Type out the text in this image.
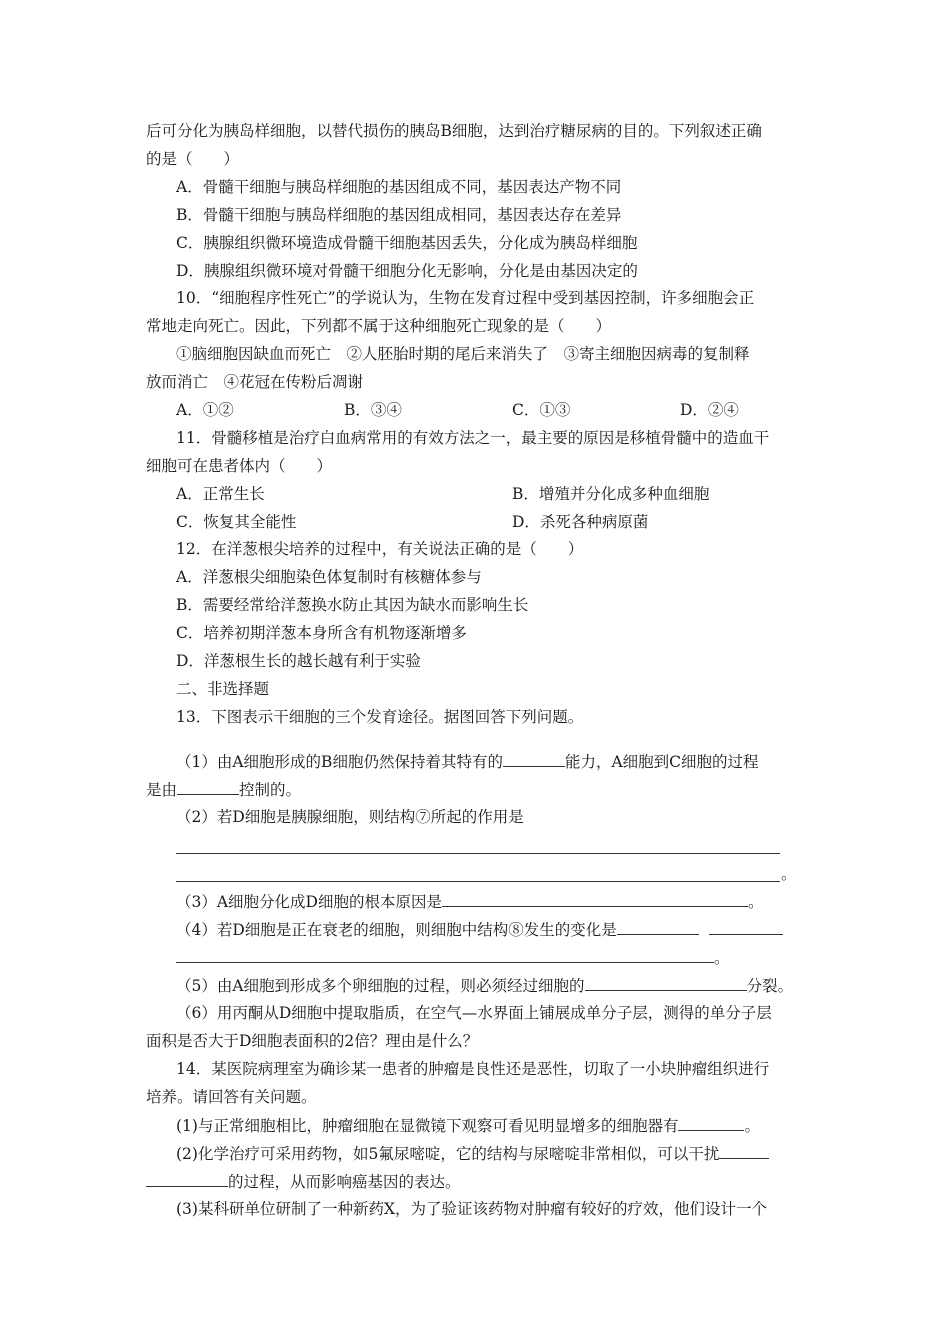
后可分化为胰岛样细胞，以替代损伤的胰岛B细胞，达到治疗糖尿病的目的。下列叙述正确
的是（　　）
A．骨髓干细胞与胰岛样细胞的基因组成不同，基因表达产物不同
B．骨髓干细胞与胰岛样细胞的基因组成相同，基因表达存在差异
C．胰腺组织微环境造成骨髓干细胞基因丢失，分化成为胰岛样细胞
D．胰腺组织微环境对骨髓干细胞分化无影响，分化是由基因决定的
10．“细胞程序性死亡”的学说认为，生物在发育过程中受到基因控制，许多细胞会正
常地走向死亡。因此，下列都不属于这种细胞死亡现象的是（　　）
①脑细胞因缺血而死亡　②人胚胎时期的尾后来消失了　③寄主细胞因病毒的复制释
放而消亡　④花冠在传粉后凋谢
A．①②	B．③④	C．①③	D．②④
11．骨髓移植是治疗白血病常用的有效方法之一，最主要的原因是移植骨髓中的造血干
细胞可在患者体内（　　）
A．正常生长	B．增殖并分化成多种血细胞
C．恢复其全能性	D．杀死各种病原菌
12．在洋葱根尖培养的过程中，有关说法正确的是（　　）
A．洋葱根尖细胞染色体复制时有核糖体参与
B．需要经常给洋葱换水防止其因为缺水而影响生长
C．培养初期洋葱本身所含有机物逐渐增多
D．洋葱根生长的越长越有利于实验
二、非选择题
13．下图表示干细胞的三个发育途径。据图回答下列问题。
（1）由A细胞形成的B细胞仍然保持着其特有的	能力，A细胞到C细胞的过程
是由	控制的。
（2）若D细胞是胰腺细胞，则结构⑦所起的作用是
。
（3）A细胞分化成D细胞的根本原因是	。
（4）若D细胞是正在衰老的细胞，则细胞中结构⑧发生的变化是
。
（5）由A细胞到形成多个卵细胞的过程，则必须经过细胞的	分裂。
（6）用丙酮从D细胞中提取脂质，在空气—水界面上铺展成单分子层，测得的单分子层
面积是否大于D细胞表面积的2倍？理由是什么？
14．某医院病理室为确诊某一患者的肿瘤是良性还是恶性，切取了一小块肿瘤组织进行
培养。请回答有关问题。
(1)与正常细胞相比，肿瘤细胞在显微镜下观察可看见明显增多的细胞器有	。
(2)化学治疗可采用药物，如5氟尿嘧啶，它的结构与尿嘧啶非常相似，可以干扰
的过程，从而影响癌基因的表达。
(3)某科研单位研制了一种新药X，为了验证该药物对肿瘤有较好的疗效，他们设计一个
